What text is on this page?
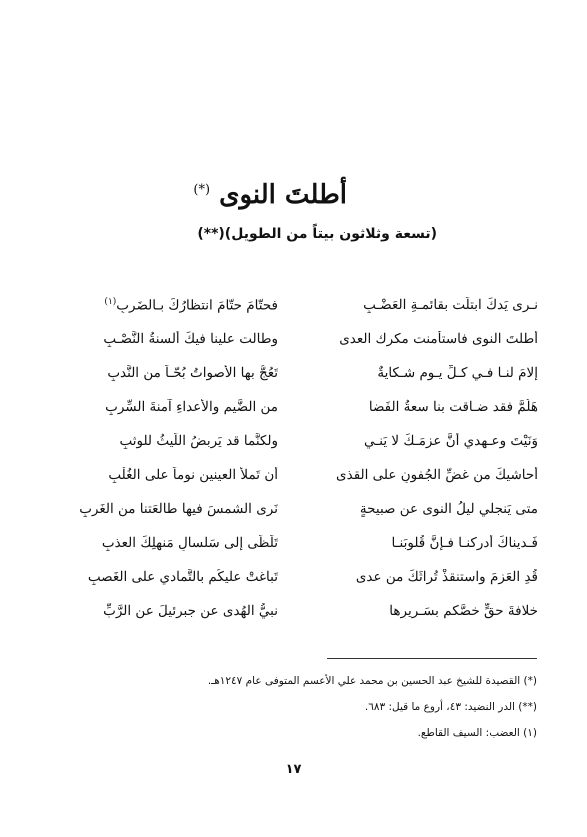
أطلتَ النوى (*)
(تسعة وثلاثون بيتاً من الطويل)(**)
نـرى يَدكَ ابتلَّت بقائمـةِ العَضْـبِ
فحتّامَ حتّامَ انتظارُكَ بـالضَربِ$^{(١)}$
أطلتَ النوى فاستأمنت مكرك العدى
وطالت علينا فيكَ ألسنةُ النَّصْـبِ
إلامَ لنـا فـي كـلِّ يـومٍ شـكايةٌ
تَعُجُّ بها الأصواتُ بُحّـاً من النَّدبِ
هَلُمَّ فقد ضـاقت بنا سعةُ الفَضا
من الضَّيمِ والأعداءِ آمنةَ السِّربِ
وَنَيْتَ وعـهدي أنَّ عزمَـكَ لا يَنـي
ولكنَّما قد يَربضُ اللَّيثُ للوثبِ
أُحاشيكَ من غضِّ الجُفونِ على القذى
أن تَملأَ العينينِ نوماً على الغُلْبِ
متى يَنجلي ليلُ النوى عن صبيحةٍ
نَرى الشمسَ فيها طالعَتنا من الغَربِ
فَـديناكَ أدركنـا فـإنَّ قُلوبَنـا
تَلَظّى إلى سَلسالِ مَنهلِكَ العذبِ
قُدِ العَزمَ واستنقذْ تُراثَكَ من عدى
تَباغتْ عليكُم بالتَّمادي على الغَصبِ
خلافةَ حقٍّ خصَّكم بسَـريرِها
نبيُّ الهُدى عن جبرئيلَ عن الرَّبِّ
(*) القصيدة للشيخ عبد الحسين بن محمد علي الأعسم المتوفى عام ١٢٤٧هـ.
(**) الدر النضيد: ٤٣، أروع ما قيل: ٦٨٣.
(١) العضب: السيف القاطع.
١٧
